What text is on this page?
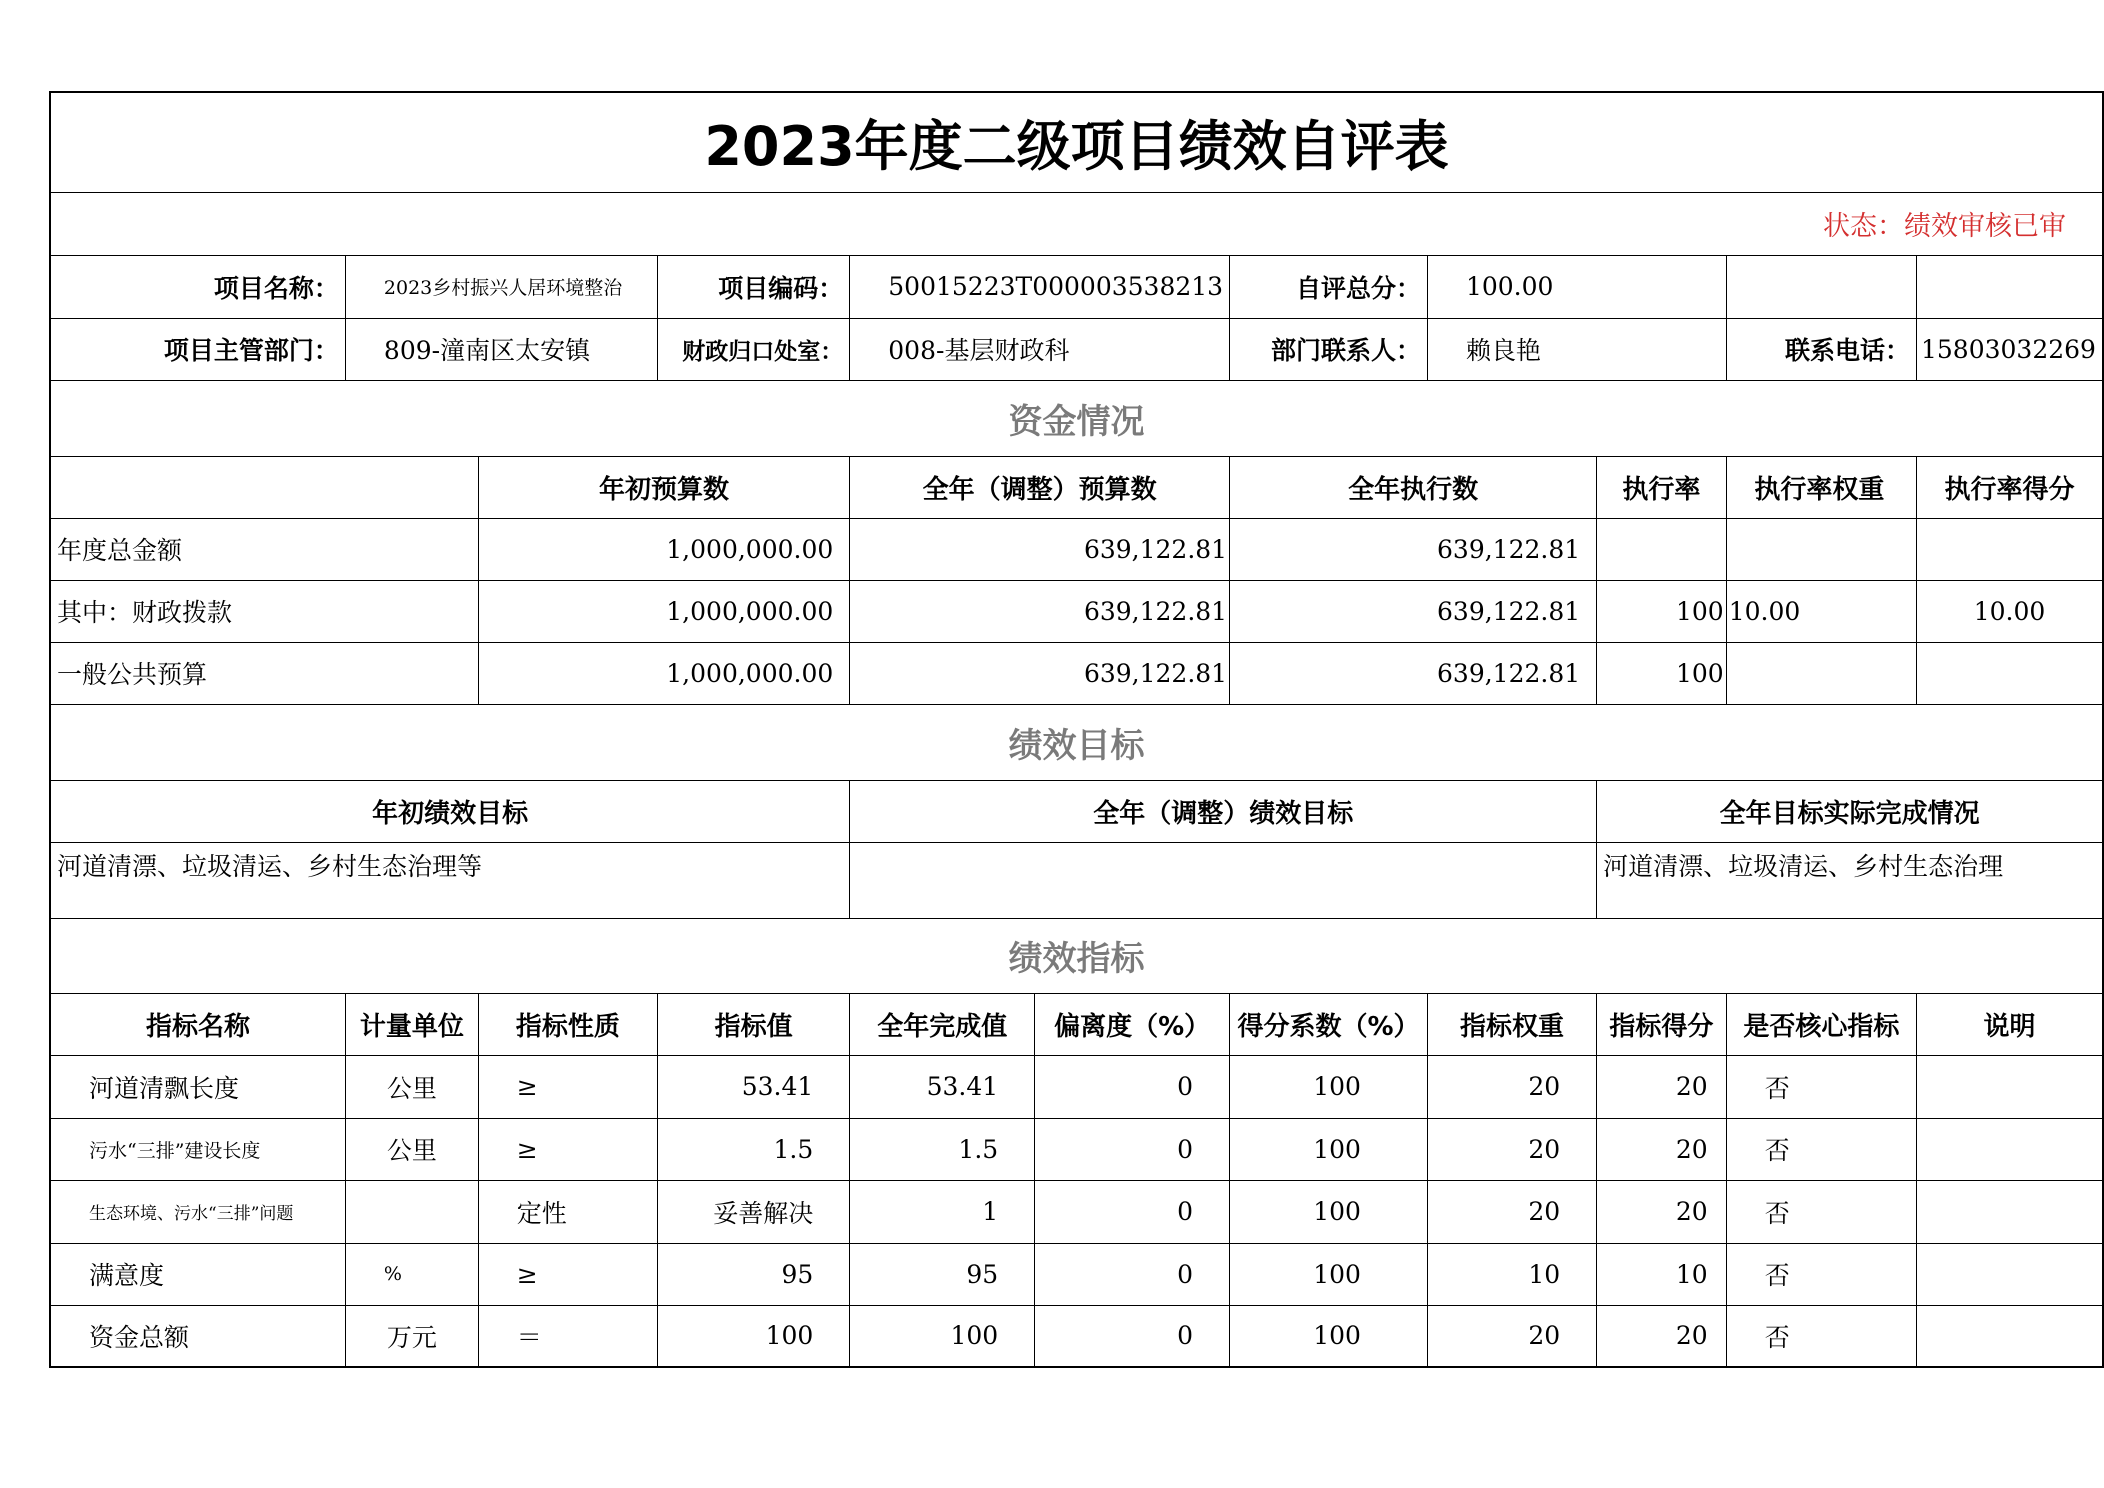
2023年度二级项目绩效自评表										
状态：绩效审核已审										
项目名称：	2023乡村振兴人居环境整治		项目编码：	50015223T000003538213		自评总分：	100.00			
项目主管部门：	809-潼南区太安镇		财政归口处室：	008-基层财政科		部门联系人：	赖良艳		联系电话：	15803032269
资金情况										
		年初预算数		全年（调整）预算数		全年执行数		执行率	执行率权重	执行率得分
年度总金额		1,000,000.00		639,122.81		639,122.81				
其中：财政拨款		1,000,000.00		639,122.81		639,122.81		100	10.00	10.00
一般公共预算		1,000,000.00		639,122.81		639,122.81		100		
绩效目标										
年初绩效目标				全年（调整）绩效目标				全年目标实际完成情况		
河道清漂、垃圾清运、乡村生态治理等								河道清漂、垃圾清运、乡村生态治理		
绩效指标										
指标名称	计量单位	指标性质	指标值	全年完成值	偏离度（%）	得分系数（%）	指标权重	指标得分	是否核心指标	说明
河道清飘长度	公里	≥	53.41	53.41	0	100	20	20	否	
污水“三排”建设长度	公里	≥	1.5	1.5	0	100	20	20	否	
生态环境、污水“三排”问题		定性	妥善解决	1	0	100	20	20	否	
满意度	%	≥	95	95	0	100	10	10	否	
资金总额	万元	＝	100	100	0	100	20	20	否	
